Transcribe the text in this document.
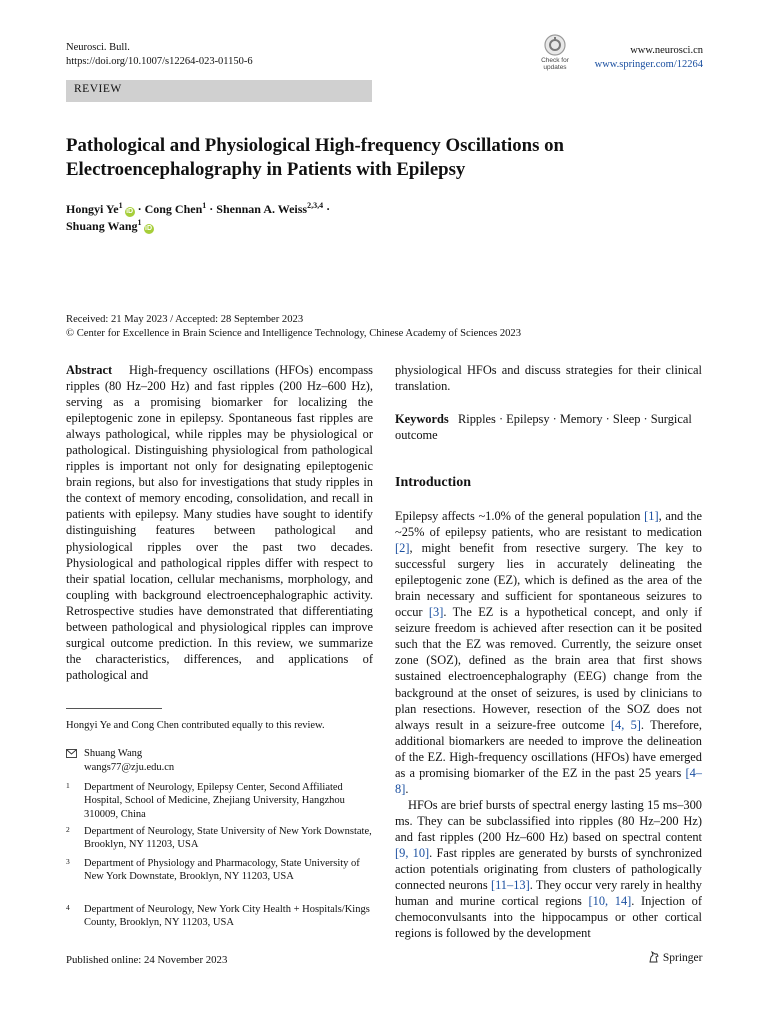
Neurosci. Bull.
https://doi.org/10.1007/s12264-023-01150-6	Check for
updates
www.neurosci.cn
www.springer.com/12264
REVIEW
Pathological and Physiological High-frequency Oscillations on Electroencephalography in Patients with Epilepsy
Hongyi $Ye^1iD$ · Cong Chen$^1$ · Shennan A. Weiss$^{2,3,4}$ ·
Shuang Wang$^1$iD
Received: 21 May 2023 / Accepted: 28 September 2023
© Center for Excellence in Brain Science and Intelligence Technology, Chinese Academy of Sciences 2023
Abstract High-frequency oscillations (HFOs) encompass ripples (80 Hz–200 Hz) and fast ripples (200 Hz–600 Hz), serving as a promising biomarker for localizing the epileptogenic zone in epilepsy. Spontaneous fast ripples are always pathological, while ripples may be physiological or pathological. Distinguishing physiological from pathological ripples is important not only for designating epileptogenic brain regions, but also for investigations that study ripples in the context of memory encoding, consolidation, and recall in patients with epilepsy. Many studies have sought to identify distinguishing features between pathological and physiological ripples over the past two decades. Physiological and pathological ripples differ with respect to their spatial location, cellular mechanisms, morphology, and coupling with background electroencephalographic activity. Retrospective studies have demonstrated that differentiating between pathological and physiological ripples can improve surgical outcome prediction. In this review, we summarize the characteristics, differences, and applications of pathological and
physiological HFOs and discuss strategies for their clinical translation.
Keywords Ripples · Epilepsy · Memory · Sleep · Surgical outcome
Introduction
Epilepsy affects ~1.0% of the general population [1], and the ~25% of epilepsy patients, who are resistant to medication [2], might benefit from resective surgery. The key to successful surgery lies in accurately delineating the epileptogenic zone (EZ), which is defined as the area of the brain necessary and sufficient for spontaneous seizures to occur [3]. The EZ is a hypothetical concept, and only if seizure freedom is achieved after resection can it be posited such that the EZ was removed. Currently, the seizure onset zone (SOZ), defined as the brain area that first shows sustained electroencephalography (EEG) change from the background at the onset of seizures, is used by clinicians to plan resections. However, resection of the SOZ does not always result in a seizure-free outcome [4, 5]. Therefore, additional biomarkers are needed to improve the delineation of the EZ. High-frequency oscillations (HFOs) have emerged as a promising biomarker of the EZ in the past 25 years [4–8].
HFOs are brief bursts of spectral energy lasting 15 ms–300 ms. They can be subclassified into ripples (80 Hz–200 Hz) and fast ripples (200 Hz–600 Hz) based on spectral content [9, 10]. Fast ripples are generated by bursts of synchronized action potentials originating from clusters of pathologically connected neurons [11–13]. They occur very rarely in healthy human and murine cortical regions [10, 14]. Injection of chemoconvulsants into the hippocampus or other cortical regions is followed by the development
Hongyi Ye and Cong Chen contributed equally to this review.
Shuang Wang
wangs77@zju.edu.cn
1 Department of Neurology, Epilepsy Center, Second Affiliated Hospital, School of Medicine, Zhejiang University, Hangzhou 310009, China
2 Department of Neurology, State University of New York Downstate, Brooklyn, NY 11203, USA
3 Department of Physiology and Pharmacology, State University of New York Downstate, Brooklyn, NY 11203, USA
4 Department of Neurology, New York City Health + Hospitals/Kings County, Brooklyn, NY 11203, USA
Published online: 24 November 2023	Springer
